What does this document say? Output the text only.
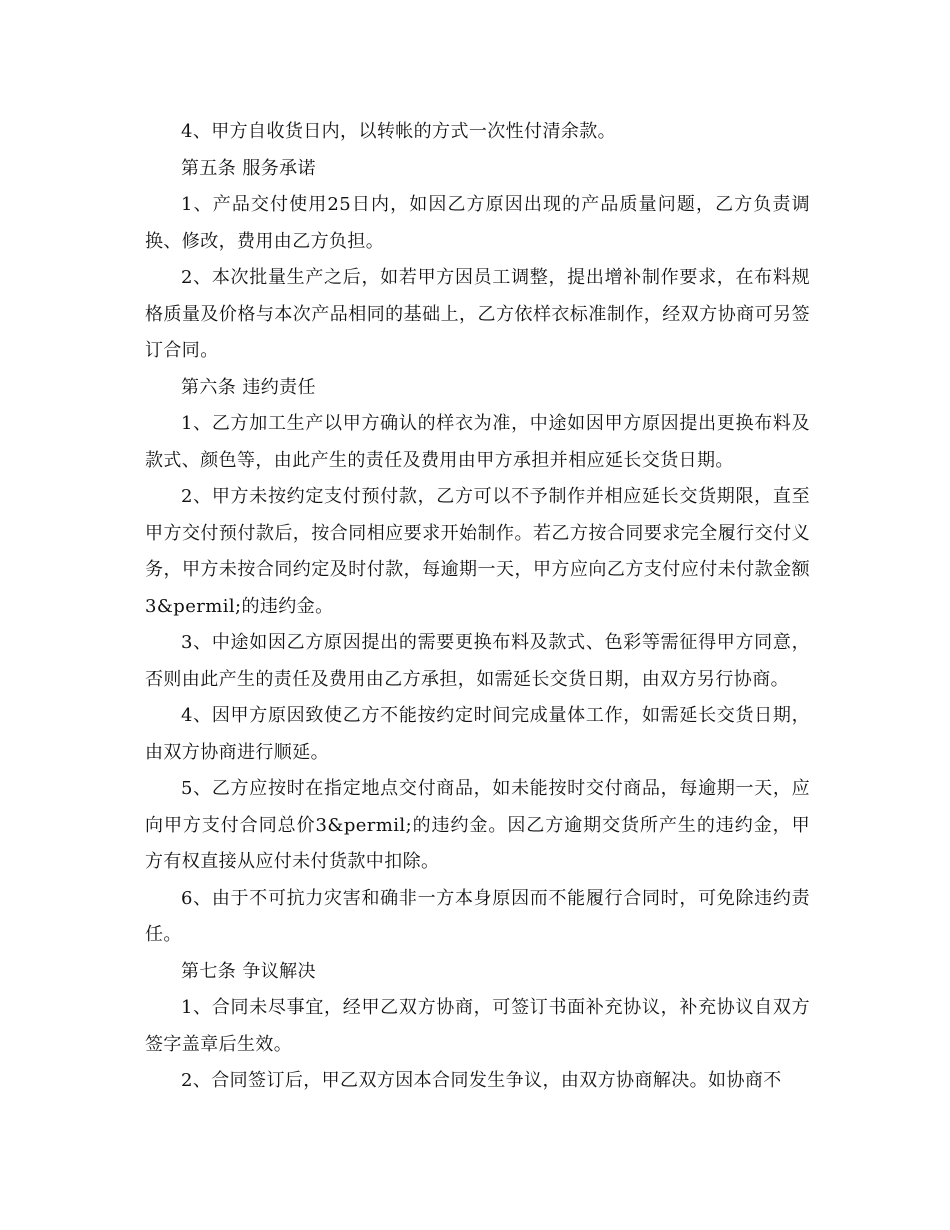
4、甲方自收货日内，以转帐的方式一次性付清余款。

第五条 服务承诺

1、产品交付使用25日内，如因乙方原因出现的产品质量问题，乙方负责调换、修改，费用由乙方负担。

2、本次批量生产之后，如若甲方因员工调整，提出增补制作要求，在布料规格质量及价格与本次产品相同的基础上，乙方依样衣标准制作，经双方协商可另签订合同。

第六条 违约责任

1、乙方加工生产以甲方确认的样衣为准，中途如因甲方原因提出更换布料及款式、颜色等，由此产生的责任及费用由甲方承担并相应延长交货日期。

2、甲方未按约定支付预付款，乙方可以不予制作并相应延长交货期限，直至甲方交付预付款后，按合同相应要求开始制作。若乙方按合同要求完全履行交付义务，甲方未按合同约定及时付款，每逾期一天，甲方应向乙方支付应付未付款金额3&permil;的违约金。

3、中途如因乙方原因提出的需要更换布料及款式、色彩等需征得甲方同意，否则由此产生的责任及费用由乙方承担，如需延长交货日期，由双方另行协商。

4、因甲方原因致使乙方不能按约定时间完成量体工作，如需延长交货日期，由双方协商进行顺延。

5、乙方应按时在指定地点交付商品，如未能按时交付商品，每逾期一天，应向甲方支付合同总价3&permil;的违约金。因乙方逾期交货所产生的违约金，甲方有权直接从应付未付货款中扣除。

6、由于不可抗力灾害和确非一方本身原因而不能履行合同时，可免除违约责任。

第七条 争议解决

1、合同未尽事宜，经甲乙双方协商，可签订书面补充协议，补充协议自双方签字盖章后生效。

2、合同签订后，甲乙双方因本合同发生争议，由双方协商解决。如协商不
